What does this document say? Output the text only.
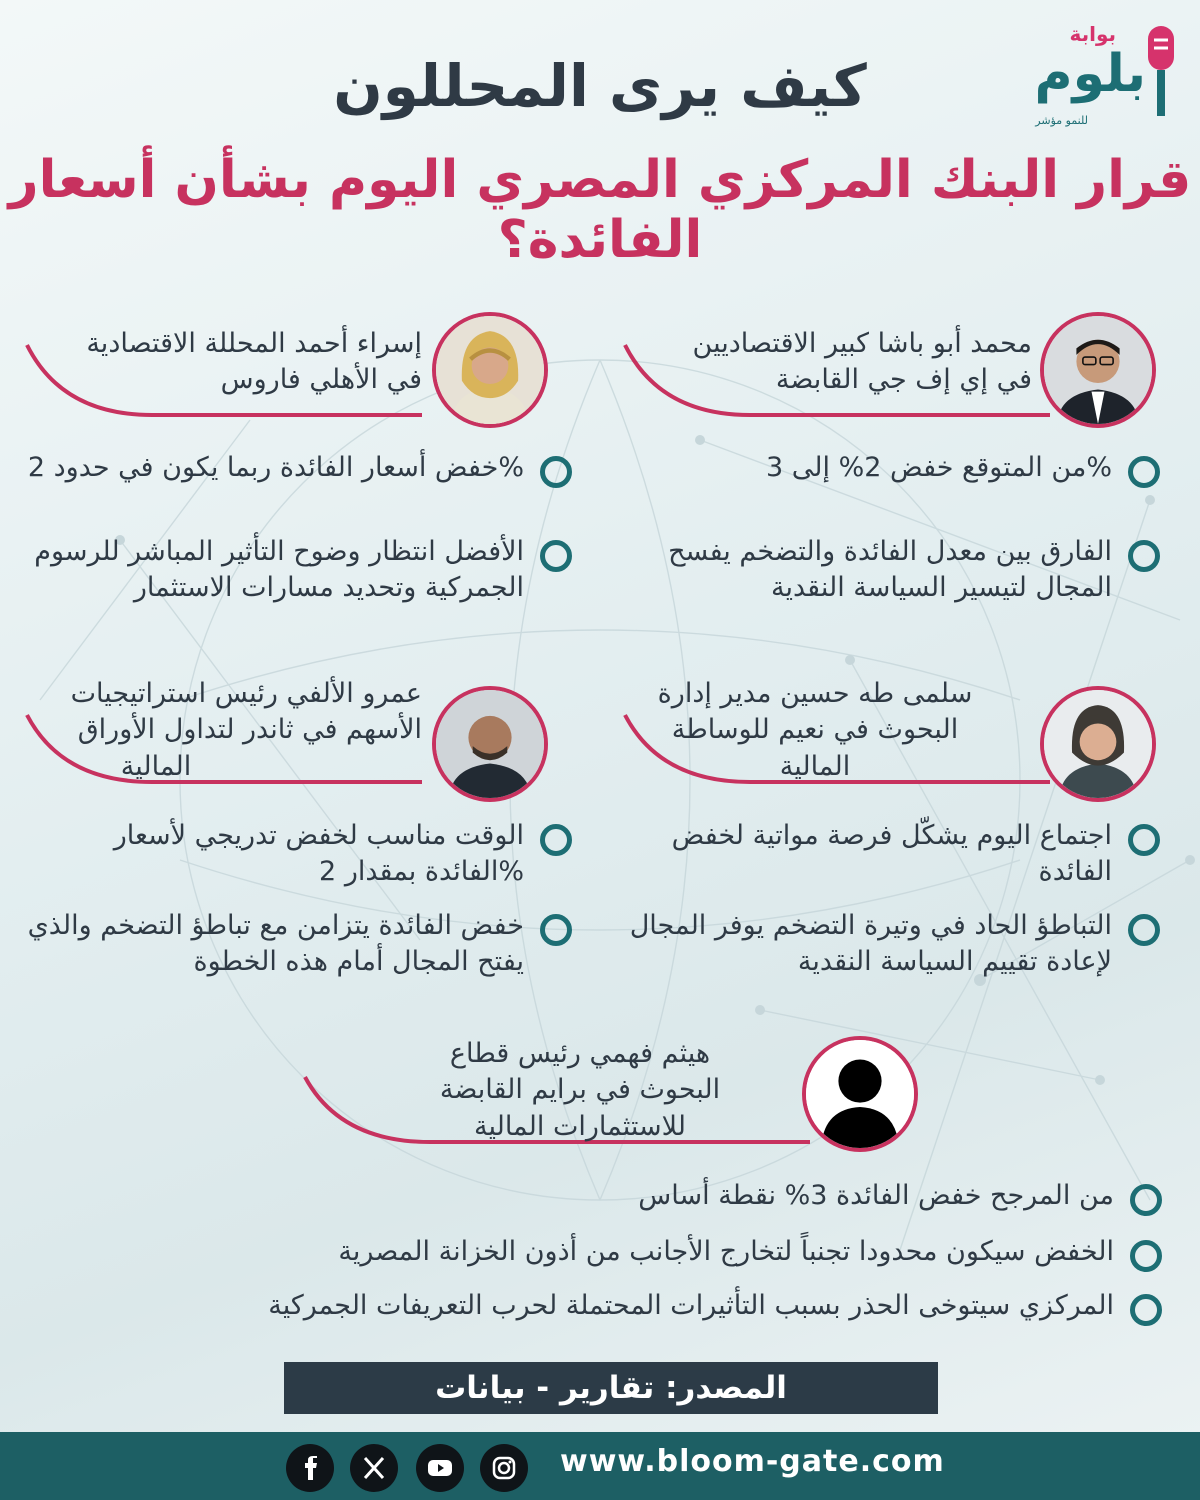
بوابة
بلوم
للنمو مؤشر
كيف يرى المحللون
قرار البنك المركزي المصري اليوم بشأن أسعار الفائدة؟
محمد أبو باشا كبير الاقتصاديين
في إي إف جي القابضة
من المتوقع خفض 2% إلى 3%
الفارق بين معدل الفائدة والتضخم يفسح المجال لتيسير السياسة النقدية
إسراء أحمد المحللة الاقتصادية
في الأهلي فاروس
خفض أسعار الفائدة ربما يكون في حدود 2%
الأفضل انتظار وضوح التأثير المباشر للرسوم الجمركية وتحديد مسارات الاستثمار
سلمى طه حسين مدير إدارة
البحوث في نعيم للوساطة
المالية
اجتماع اليوم يشكّل فرصة مواتية لخفض الفائدة
التباطؤ الحاد في وتيرة التضخم يوفر المجال لإعادة تقييم السياسة النقدية
عمرو الألفي رئيس استراتيجيات
الأسهم في ثاندر لتداول الأوراق
المالية
الوقت مناسب لخفض تدريجي لأسعار الفائدة بمقدار 2%
خفض الفائدة يتزامن مع تباطؤ التضخم والذي يفتح المجال أمام هذه الخطوة
هيثم فهمي رئيس قطاع
البحوث في برايم القابضة
للاستثمارات المالية
من المرجح خفض الفائدة 3% نقطة أساس
الخفض سيكون محدودا تجنباً لتخارج الأجانب من أذون الخزانة المصرية
المركزي سيتوخى الحذر بسبب التأثيرات المحتملة لحرب التعريفات الجمركية
المصدر: تقارير - بيانات
www.bloom-gate.com
